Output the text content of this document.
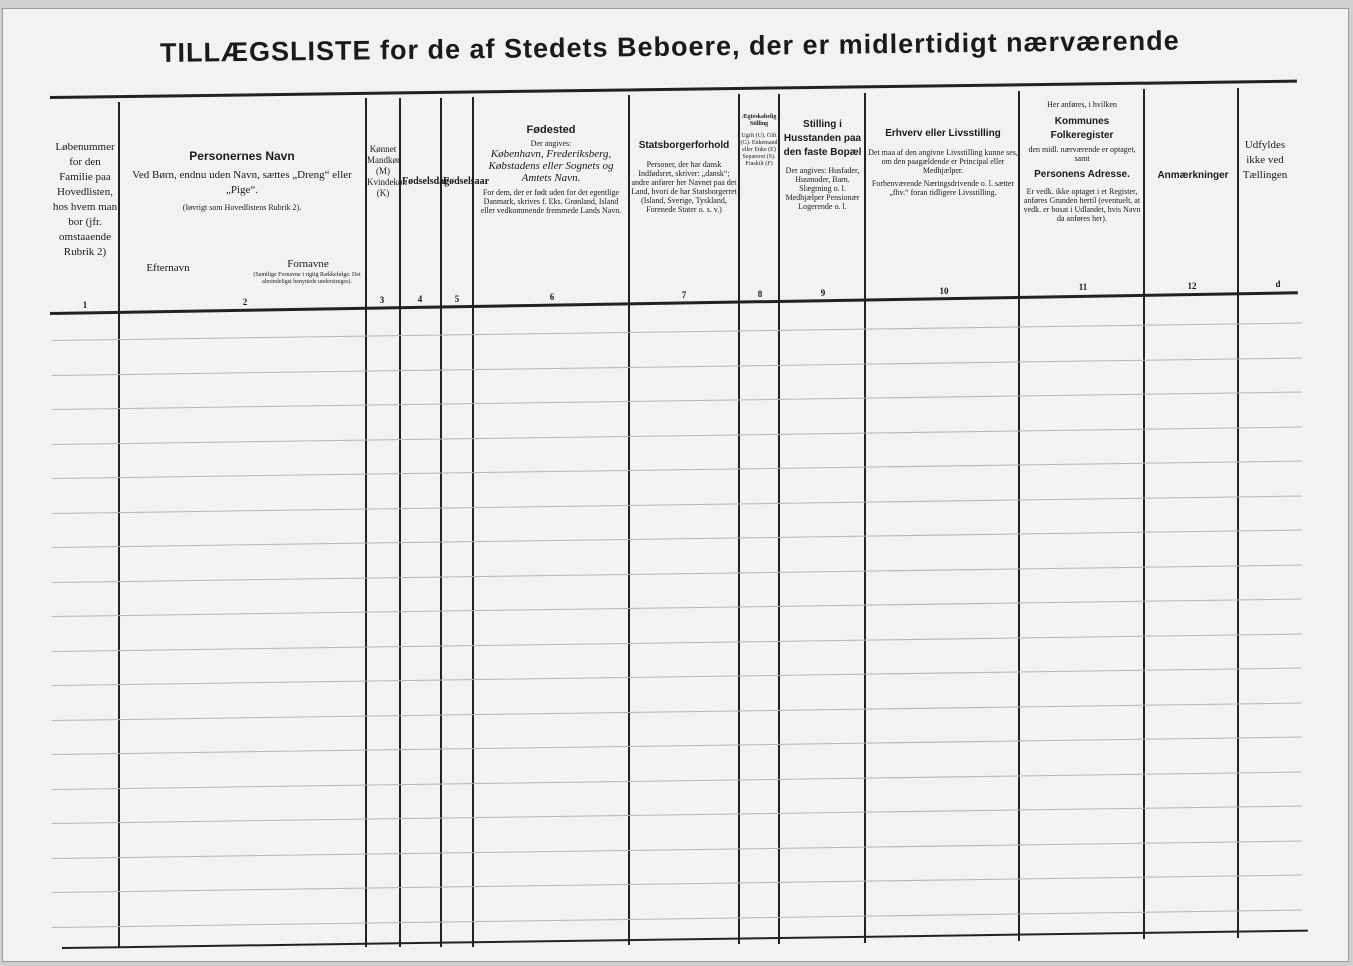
TILLÆGSLISTE for de af Stedets Beboere, der er midlertidigt nærværende
Løbenummer for den Familie paa Hovedlisten, hos hvem man bor (jfr. omstaaende Rubrik 2)
Personernes Navn
Ved Børn, endnu uden Navn, sættes „Dreng“ eller „Pige“.
(Iøvrigt som Hovedlistens Rubrik 2).
Efternavn	Fornavne
(Samtlige Fornavne i rigtig Rækkefølge. Det almindeligst benyttede understreges).
Kønnet Mandkøn (M) Kvindekøn (K)
Fødselsdag
Fødselsaar
Fødested
Der angives:
København, Frederiksberg, Købstadens eller Sognets og Amtets Navn.
For dem, der er født uden for det egentlige Danmark, skrives f. Eks. Grønland, Island eller vedkommende fremmede Lands Navn.
Statsborgerforhold
Personer, der har dansk Indfødsret, skriver: „dansk“; andre anfører her Navnet paa det Land, hvori de har Statsborgerret (Island, Sverige, Tyskland, Forenede Stater o. s. v.)
Ægteskabelig Stilling
Ugift (U). Gift (G). Enkemand eller Enke (E) Separeret (S). Fraskilt (F)
Stilling i Husstanden paa den faste Bopæl
Der angives: Husfader, Husmoder, Barn. Slægtning o. l. Medhjælper Pensionær Logerende o. l.
Erhverv eller Livsstilling
Det maa af den angivne Livsstilling kunne ses, om den paagældende er Principal eller Medhjælper.
Forhenværende Næringsdrivende o. l. sætter „fhv.“ foran tidligere Livsstilling.
Her anføres, i hvilken
Kommunes Folkeregister
den midl. nærværende er optaget, samt
Personens Adresse.
Er vedk. ikke optaget i et Register, anføres Grunden hertil (eventuelt, at vedk. er bosat i Udlandet, hvis Navn da anføres her).
Anmærkninger
Udfyldes ikke ved Tællingen
1	2	3	4	5	6	7	8	9	10	11	12	d
